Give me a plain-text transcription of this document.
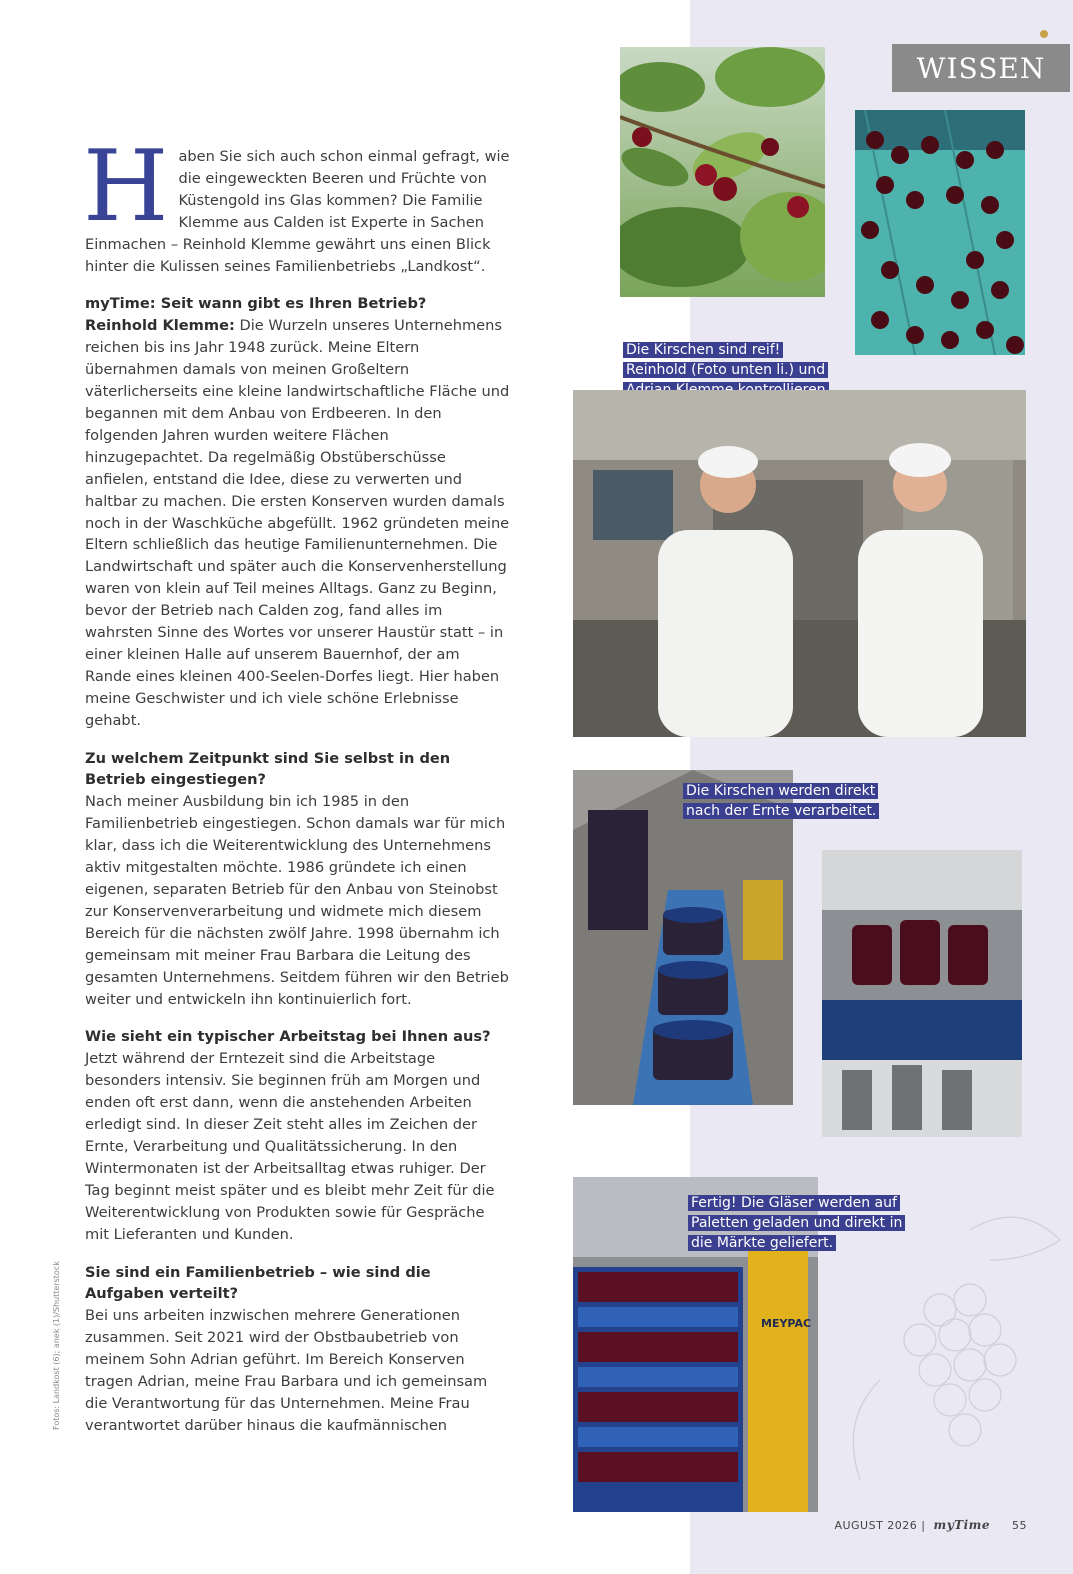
WISSEN

Haben Sie sich auch schon einmal gefragt, wie die eingeweckten Beeren und Früchte von Küstengold ins Glas kommen? Die Familie Klemme aus Calden ist Experte in Sachen Einmachen – Reinhold Klemme gewährt uns einen Blick hinter die Kulissen seines Familienbetriebs „Landkost“.

myTime: Seit wann gibt es Ihren Betrieb?

Reinhold Klemme: Die Wurzeln unseres Unternehmens reichen bis ins Jahr 1948 zurück. Meine Eltern übernahmen damals von meinen Großeltern väterlicherseits eine kleine landwirtschaftliche Fläche und begannen mit dem Anbau von Erdbeeren. In den folgenden Jahren wurden weitere Flächen hinzugepachtet. Da regelmäßig Obstüberschüsse anfielen, entstand die Idee, diese zu verwerten und haltbar zu machen. Die ersten Konserven wurden damals noch in der Waschküche abgefüllt. 1962 gründeten meine Eltern schließlich das heutige Familienunternehmen. Die Landwirtschaft und später auch die Konservenherstellung waren von klein auf Teil meines Alltags. Ganz zu Beginn, bevor der Betrieb nach Calden zog, fand alles im wahrsten Sinne des Wortes vor unserer Haustür statt – in einer kleinen Halle auf unserem Bauernhof, der am Rande eines kleinen 400-Seelen-Dorfes liegt. Hier haben meine Geschwister und ich viele schöne Erlebnisse gehabt.

Zu welchem Zeitpunkt sind Sie selbst in den Betrieb eingestiegen?

Nach meiner Ausbildung bin ich 1985 in den Familienbetrieb eingestiegen. Schon damals war für mich klar, dass ich die Weiterentwicklung des Unternehmens aktiv mitgestalten möchte. 1986 gründete ich einen eigenen, separaten Betrieb für den Anbau von Steinobst zur Konservenverarbeitung und widmete mich diesem Bereich für die nächsten zwölf Jahre. 1998 übernahm ich gemeinsam mit meiner Frau Barbara die Leitung des gesamten Unternehmens. Seitdem führen wir den Betrieb weiter und entwickeln ihn kontinuierlich fort.

Wie sieht ein typischer Arbeitstag bei Ihnen aus?

Jetzt während der Erntezeit sind die Arbeitstage besonders intensiv. Sie beginnen früh am Morgen und enden oft erst dann, wenn die anstehenden Arbeiten erledigt sind. In dieser Zeit steht alles im Zeichen der Ernte, Verarbeitung und Qualitätssicherung. In den Wintermonaten ist der Arbeitsalltag etwas ruhiger. Der Tag beginnt meist später und es bleibt mehr Zeit für die Weiterentwicklung von Produkten sowie für Gespräche mit Lieferanten und Kunden.

Sie sind ein Familienbetrieb – wie sind die Aufgaben verteilt?

Bei uns arbeiten inzwischen mehrere Generationen zusammen. Seit 2021 wird der Obstbaubetrieb von meinem Sohn Adrian geführt. Im Bereich Konserven tragen Adrian, meine Frau Barbara und ich gemeinsam die Verantwortung für das Unternehmen. Meine Frau verantwortet darüber hinaus die kaufmännischen

Die Kirschen sind reif! Reinhold (Foto unten li.) und
Die Kirschen werden direkt nach der Ernte verarbeitet.
MEYPAC
Fertig! Die Gläser werden auf Paletten geladen und direkt in die Märkte geliefert.
Fotos: Landkost (6); anek (1)/Shutterstock
AUGUST 2026 | myTime 55
